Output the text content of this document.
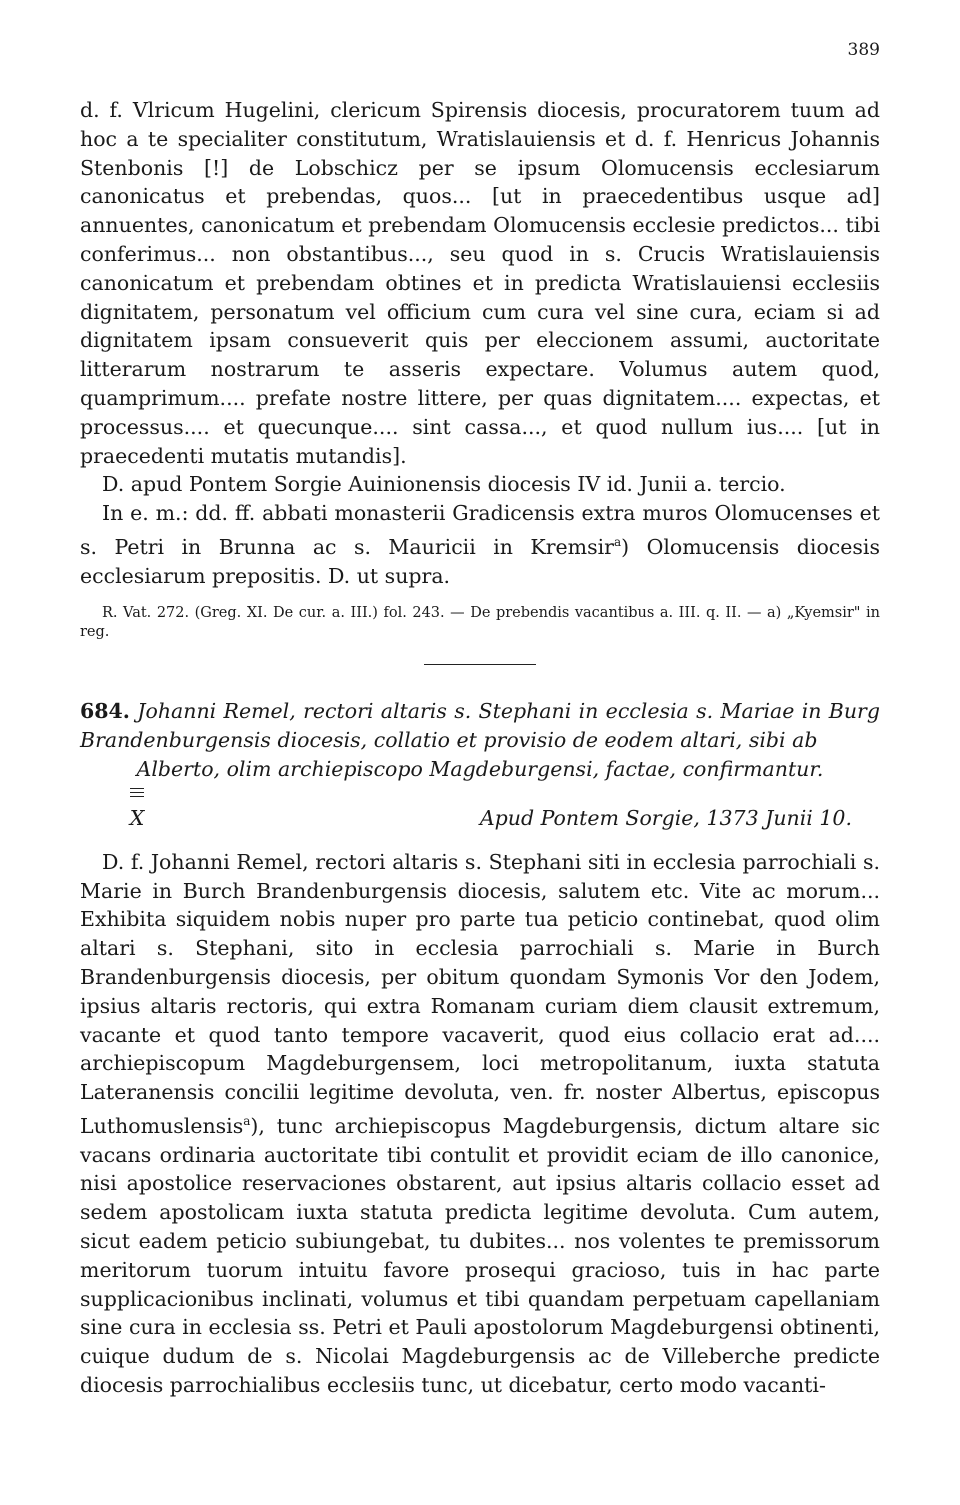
389

d. f. Vlricum Hugelini, clericum Spirensis diocesis, procuratorem tuum ad hoc a te specialiter constitutum, Wratislauiensis et d. f. Henricus Johannis Stenbonis [!] de Lobschicz per se ipsum Olomucensis ecclesiarum canonicatus et prebendas, quos... [ut in praecedentibus usque ad] annuentes, canonicatum et prebendam Olomucensis ecclesie predictos... tibi conferimus... non obstantibus..., seu quod in s. Crucis Wratislauiensis canonicatum et prebendam obtines et in predicta Wratislauiensi ecclesiis dignitatem, personatum vel officium cum cura vel sine cura, eciam si ad dignitatem ipsam consueverit quis per eleccionem assumi, auctoritate litterarum nostrarum te asseris expectare. Volumus autem quod, quamprimum.... prefate nostre littere, per quas dignitatem.... expectas, et processus.... et quecunque.... sint cassa..., et quod nullum ius.... [ut in praecedenti mutatis mutandis].

D. apud Pontem Sorgie Auinionensis diocesis IV id. Junii a. tercio.

In e. m.: dd. ff. abbati monasterii Gradicensis extra muros Olomucenses et s. Petri in Brunna ac s. Mauricii in Kremsir$^a$) Olomucensis diocesis ecclesiarum prepositis. D. ut supra.

R. Vat. 272. (Greg. XI. De cur. a. III.) fol. 243. — De prebendis vacantibus a. III. q. II. — a) „Kyemsir" in reg.

684. Johanni Remel, rectori altaris s. Stephani in ecclesia s. Mariae in Burg Brandenburgensis diocesis, collatio et provisio de eodem altari, sibi ab
Alberto, olim archiepiscopo Magdeburgensi, factae, confirmantur.

X	Apud Pontem Sorgie, 1373 Junii 10.

D. f. Johanni Remel, rectori altaris s. Stephani siti in ecclesia parrochiali s. Marie in Burch Brandenburgensis diocesis, salutem etc. Vite ac morum... Exhibita siquidem nobis nuper pro parte tua peticio continebat, quod olim altari s. Stephani, sito in ecclesia parrochiali s. Marie in Burch Brandenburgensis diocesis, per obitum quondam Symonis Vor den Jodem, ipsius altaris rectoris, qui extra Romanam curiam diem clausit extremum, vacante et quod tanto tempore vacaverit, quod eius collacio erat ad.... archiepiscopum Magdeburgensem, loci metropolitanum, iuxta statuta Lateranensis concilii legitime devoluta, ven. fr. noster Albertus, episcopus Luthomuslensis$^a$), tunc archiepiscopus Magdeburgensis, dictum altare sic vacans ordinaria auctoritate tibi contulit et providit eciam de illo canonice, nisi apostolice reservaciones obstarent, aut ipsius altaris collacio esset ad sedem apostolicam iuxta statuta predicta legitime devoluta. Cum autem, sicut eadem peticio subiungebat, tu dubites... nos volentes te premissorum meritorum tuorum intuitu favore prosequi gracioso, tuis in hac parte supplicacionibus inclinati, volumus et tibi quandam perpetuam capellaniam sine cura in ecclesia ss. Petri et Pauli apostolorum Magdeburgensi obtinenti, cuique dudum de s. Nicolai Magdeburgensis ac de Villeberche predicte diocesis parrochialibus ecclesiis tunc, ut dicebatur, certo modo vacanti-
